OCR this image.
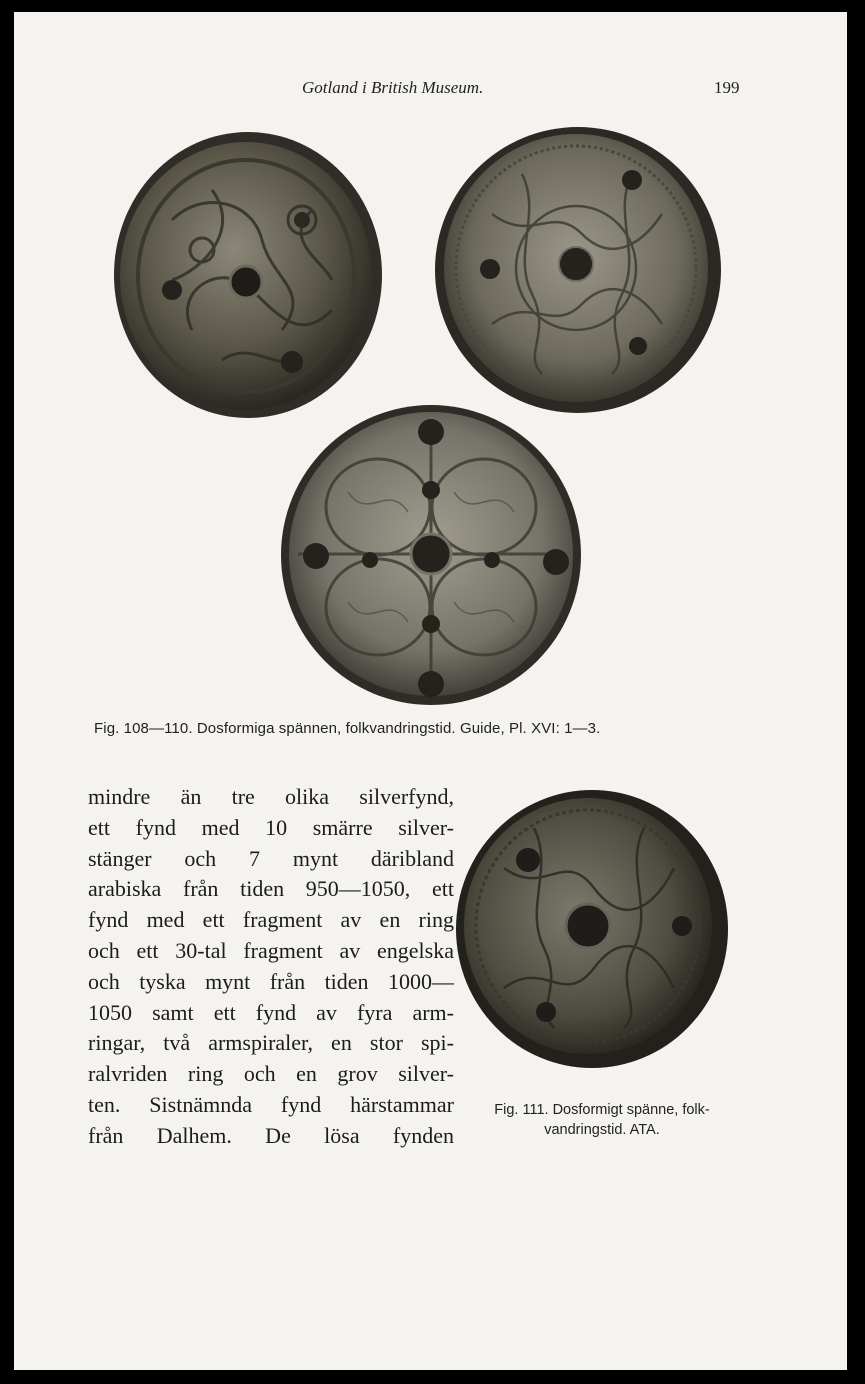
Gotland i British Museum.	199
Fig. 108—110. Dosformiga spännen, folkvandringstid. Guide, Pl. XVI: 1—3.
mindre än tre olika silverfynd,
ett fynd med 10 smärre silver-
stänger och 7 mynt däribland
arabiska från tiden 950—1050, ett
fynd med ett fragment av en ring
och ett 30-tal fragment av engelska
och tyska mynt från tiden 1000—
1050 samt ett fynd av fyra arm-
ringar, två armspiraler, en stor spi-
ralvriden ring och en grov silver-
ten. Sistnämnda fynd härstammar
från Dalhem. De lösa fynden
Fig. 111. Dosformigt spänne, folk-
vandringstid. ATA.
